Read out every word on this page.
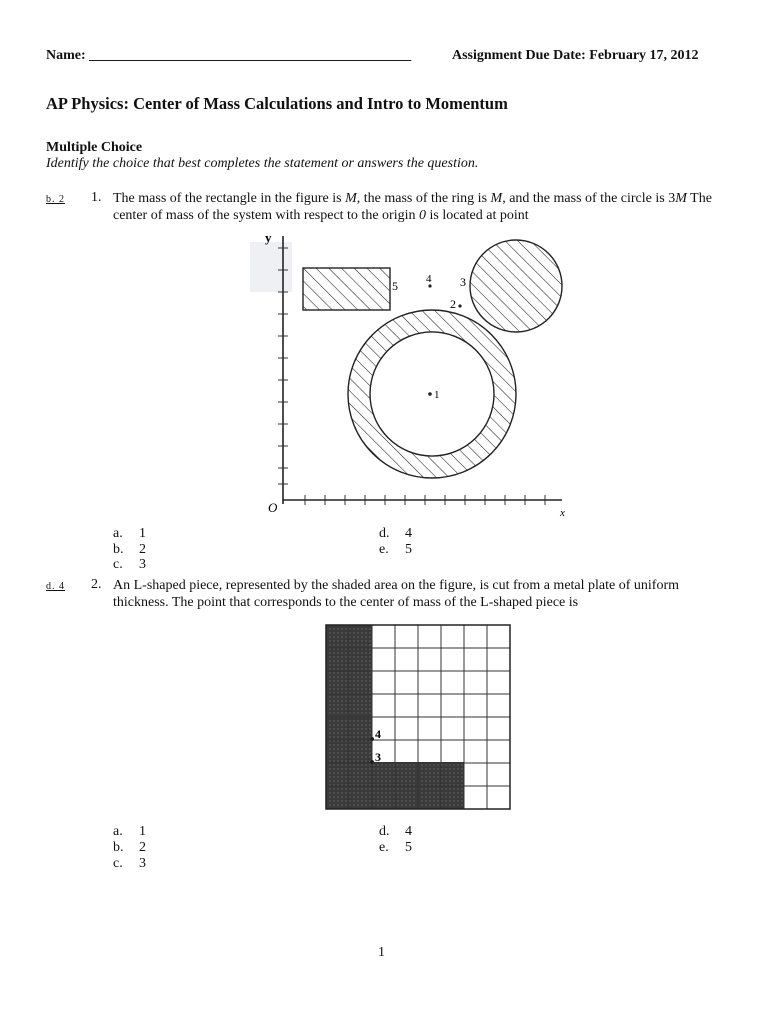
Name: ______________________________________________	Assignment Due Date: February 17, 2012
AP Physics: Center of Mass Calculations and Intro to Momentum
Multiple Choice
Identify the choice that best completes the statement or answers the question.
b. 2 1. The mass of the rectangle in the figure is M, the mass of the ring is M, and the mass of the circle is 3M The center of mass of the system with respect to the origin 0 is located at point
y
x
O
1
2
3
4
5
a. 1
b. 2
c. 3
d. 4
e. 5
d. 4 2. An L-shaped piece, represented by the shaded area on the figure, is cut from a metal plate of uniform thickness. The point that corresponds to the center of mass of the L-shaped piece is
4
3
a. 1
b. 2
c. 3
d. 4
e. 5
1
